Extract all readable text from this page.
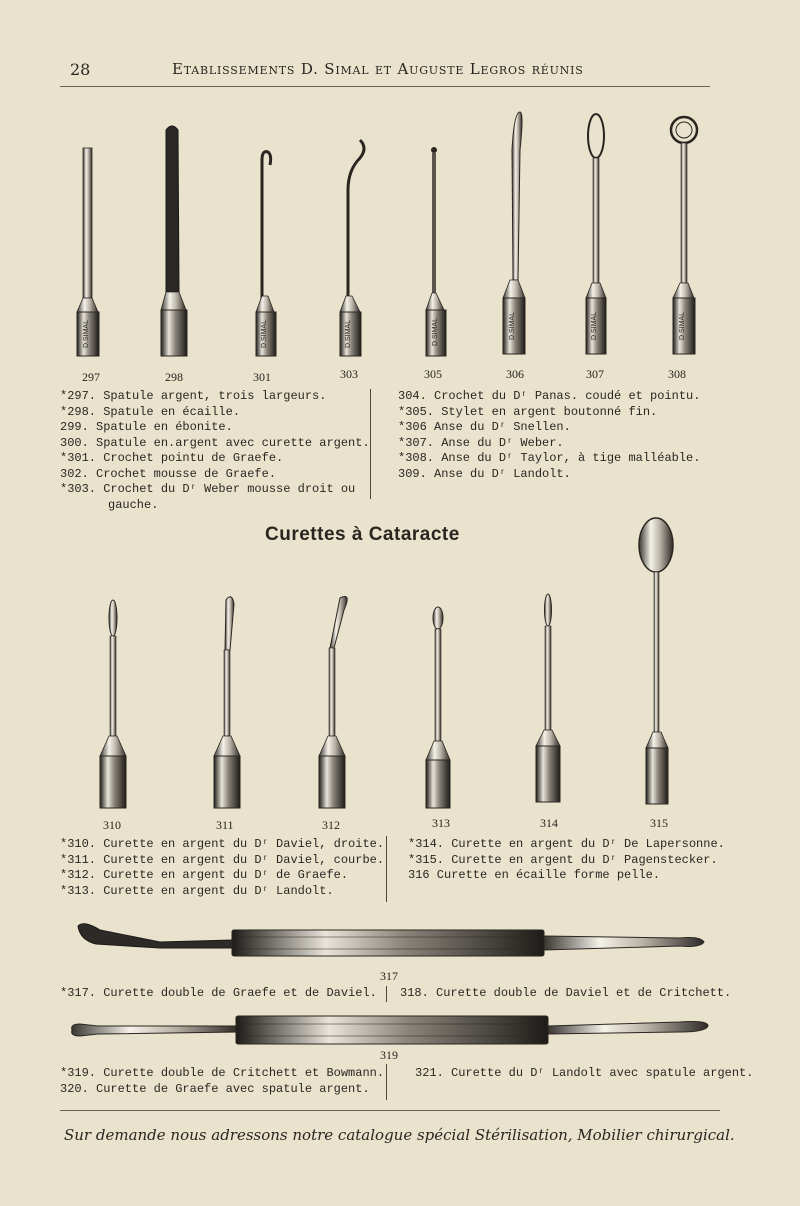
28	Etablissements D. Simal et Auguste Legros réunis
D.SIMAL	D.SIMAL	D.SIMAL	D.SIMAL	D.SIMAL	D.SIMAL
D.SIMAL
297	298	301	303	305	306	307	308
*297. Spatule argent, trois largeurs.
*298. Spatule en écaille.
299. Spatule en ébonite.
300. Spatule en.argent avec curette argent.
*301. Crochet pointu de Graefe.
302. Crochet mousse de Graefe.
*303. Crochet du Dʳ Weber mousse droit ou
gauche.
304. Crochet du Dʳ Panas. coudé et pointu.
*305. Stylet en argent boutonné fin.
*306 Anse du Dʳ Snellen.
*307. Anse du Dʳ Weber.
*308. Anse du Dʳ Taylor, à tige malléable.
309. Anse du Dʳ Landolt.
Curettes à Cataracte
310	311	312	313	314	315
*310. Curette en argent du Dʳ Daviel, droite.
*311. Curette en argent du Dʳ Daviel, courbe.
*312. Curette en argent du Dʳ de Graefe.
*313. Curette en argent du Dʳ Landolt.
*314. Curette en argent du Dʳ De Lapersonne.
*315. Curette en argent du Dʳ Pagenstecker.
316 Curette en écaille forme pelle.
317
*317. Curette double de Graefe et de Daviel. 318. Curette double de Daviel et de Critchett.
319
*319. Curette double de Critchett et Bowmann.
320. Curette de Graefe avec spatule argent.
321. Curette du Dʳ Landolt avec spatule argent.
Sur demande nous adressons notre catalogue spécial Stérilisation, Mobilier chirurgical.
